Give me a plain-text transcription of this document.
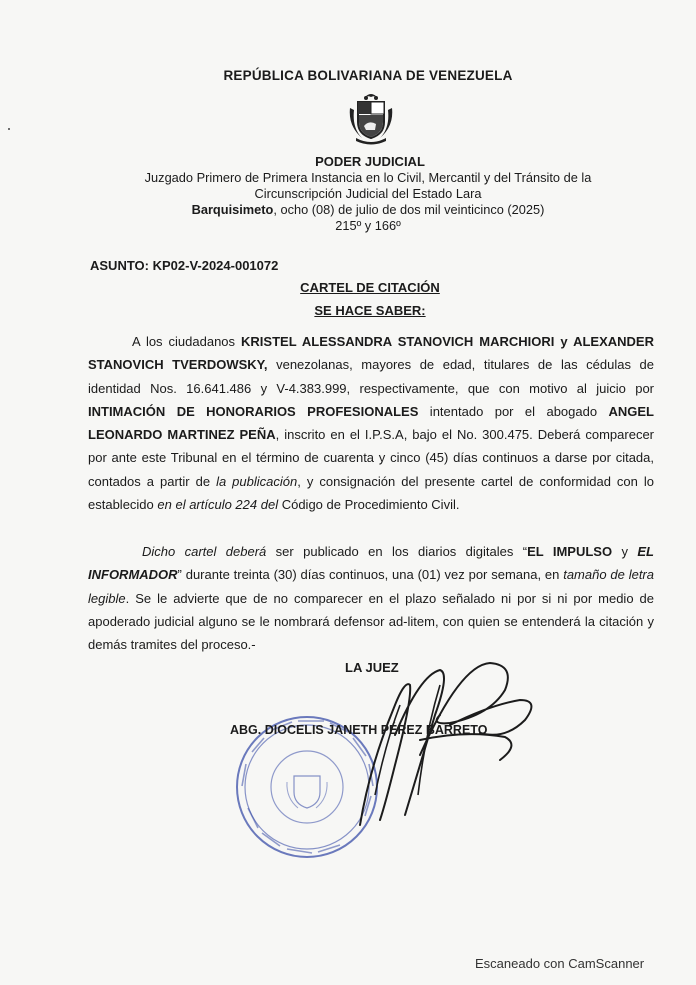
REPÚBLICA BOLIVARIANA DE VENEZUELA
PODER JUDICIAL
Juzgado Primero de Primera Instancia en lo Civil, Mercantil y del Tránsito de la
Circunscripción Judicial del Estado Lara
Barquisimeto, ocho (08) de julio de dos mil veinticinco (2025)
215º y 166º
ASUNTO: KP02-V-2024-001072
CARTEL DE CITACIÓN
SE HACE SABER:
A los ciudadanos KRISTEL ALESSANDRA STANOVICH MARCHIORI y ALEXANDER STANOVICH TVERDOWSKY, venezolanas, mayores de edad, titulares de las cédulas de identidad Nos. 16.641.486 y V-4.383.999, respectivamente, que con motivo al juicio por INTIMACIÓN DE HONORARIOS PROFESIONALES intentado por el abogado ANGEL LEONARDO MARTINEZ PEÑA, inscrito en el I.P.S.A, bajo el No. 300.475. Deberá comparecer por ante este Tribunal en el término de cuarenta y cinco (45) días continuos a darse por citada, contados a partir de la publicación, y consignación del presente cartel de conformidad con lo establecido en el artículo 224 del Código de Procedimiento Civil.
Dicho cartel deberá ser publicado en los diarios digitales “EL IMPULSO y EL INFORMADOR” durante treinta (30) días continuos, una (01) vez por semana, en tamaño de letra legible. Se le advierte que de no comparecer en el plazo señalado ni por si ni por medio de apoderado judicial alguno se le nombrará defensor ad-litem, con quien se entenderá la citación y demás tramites del proceso.-
LA JUEZ
ABG. DIOCELIS JANETH PÉREZ BARRETO
Escaneado con CamScanner
